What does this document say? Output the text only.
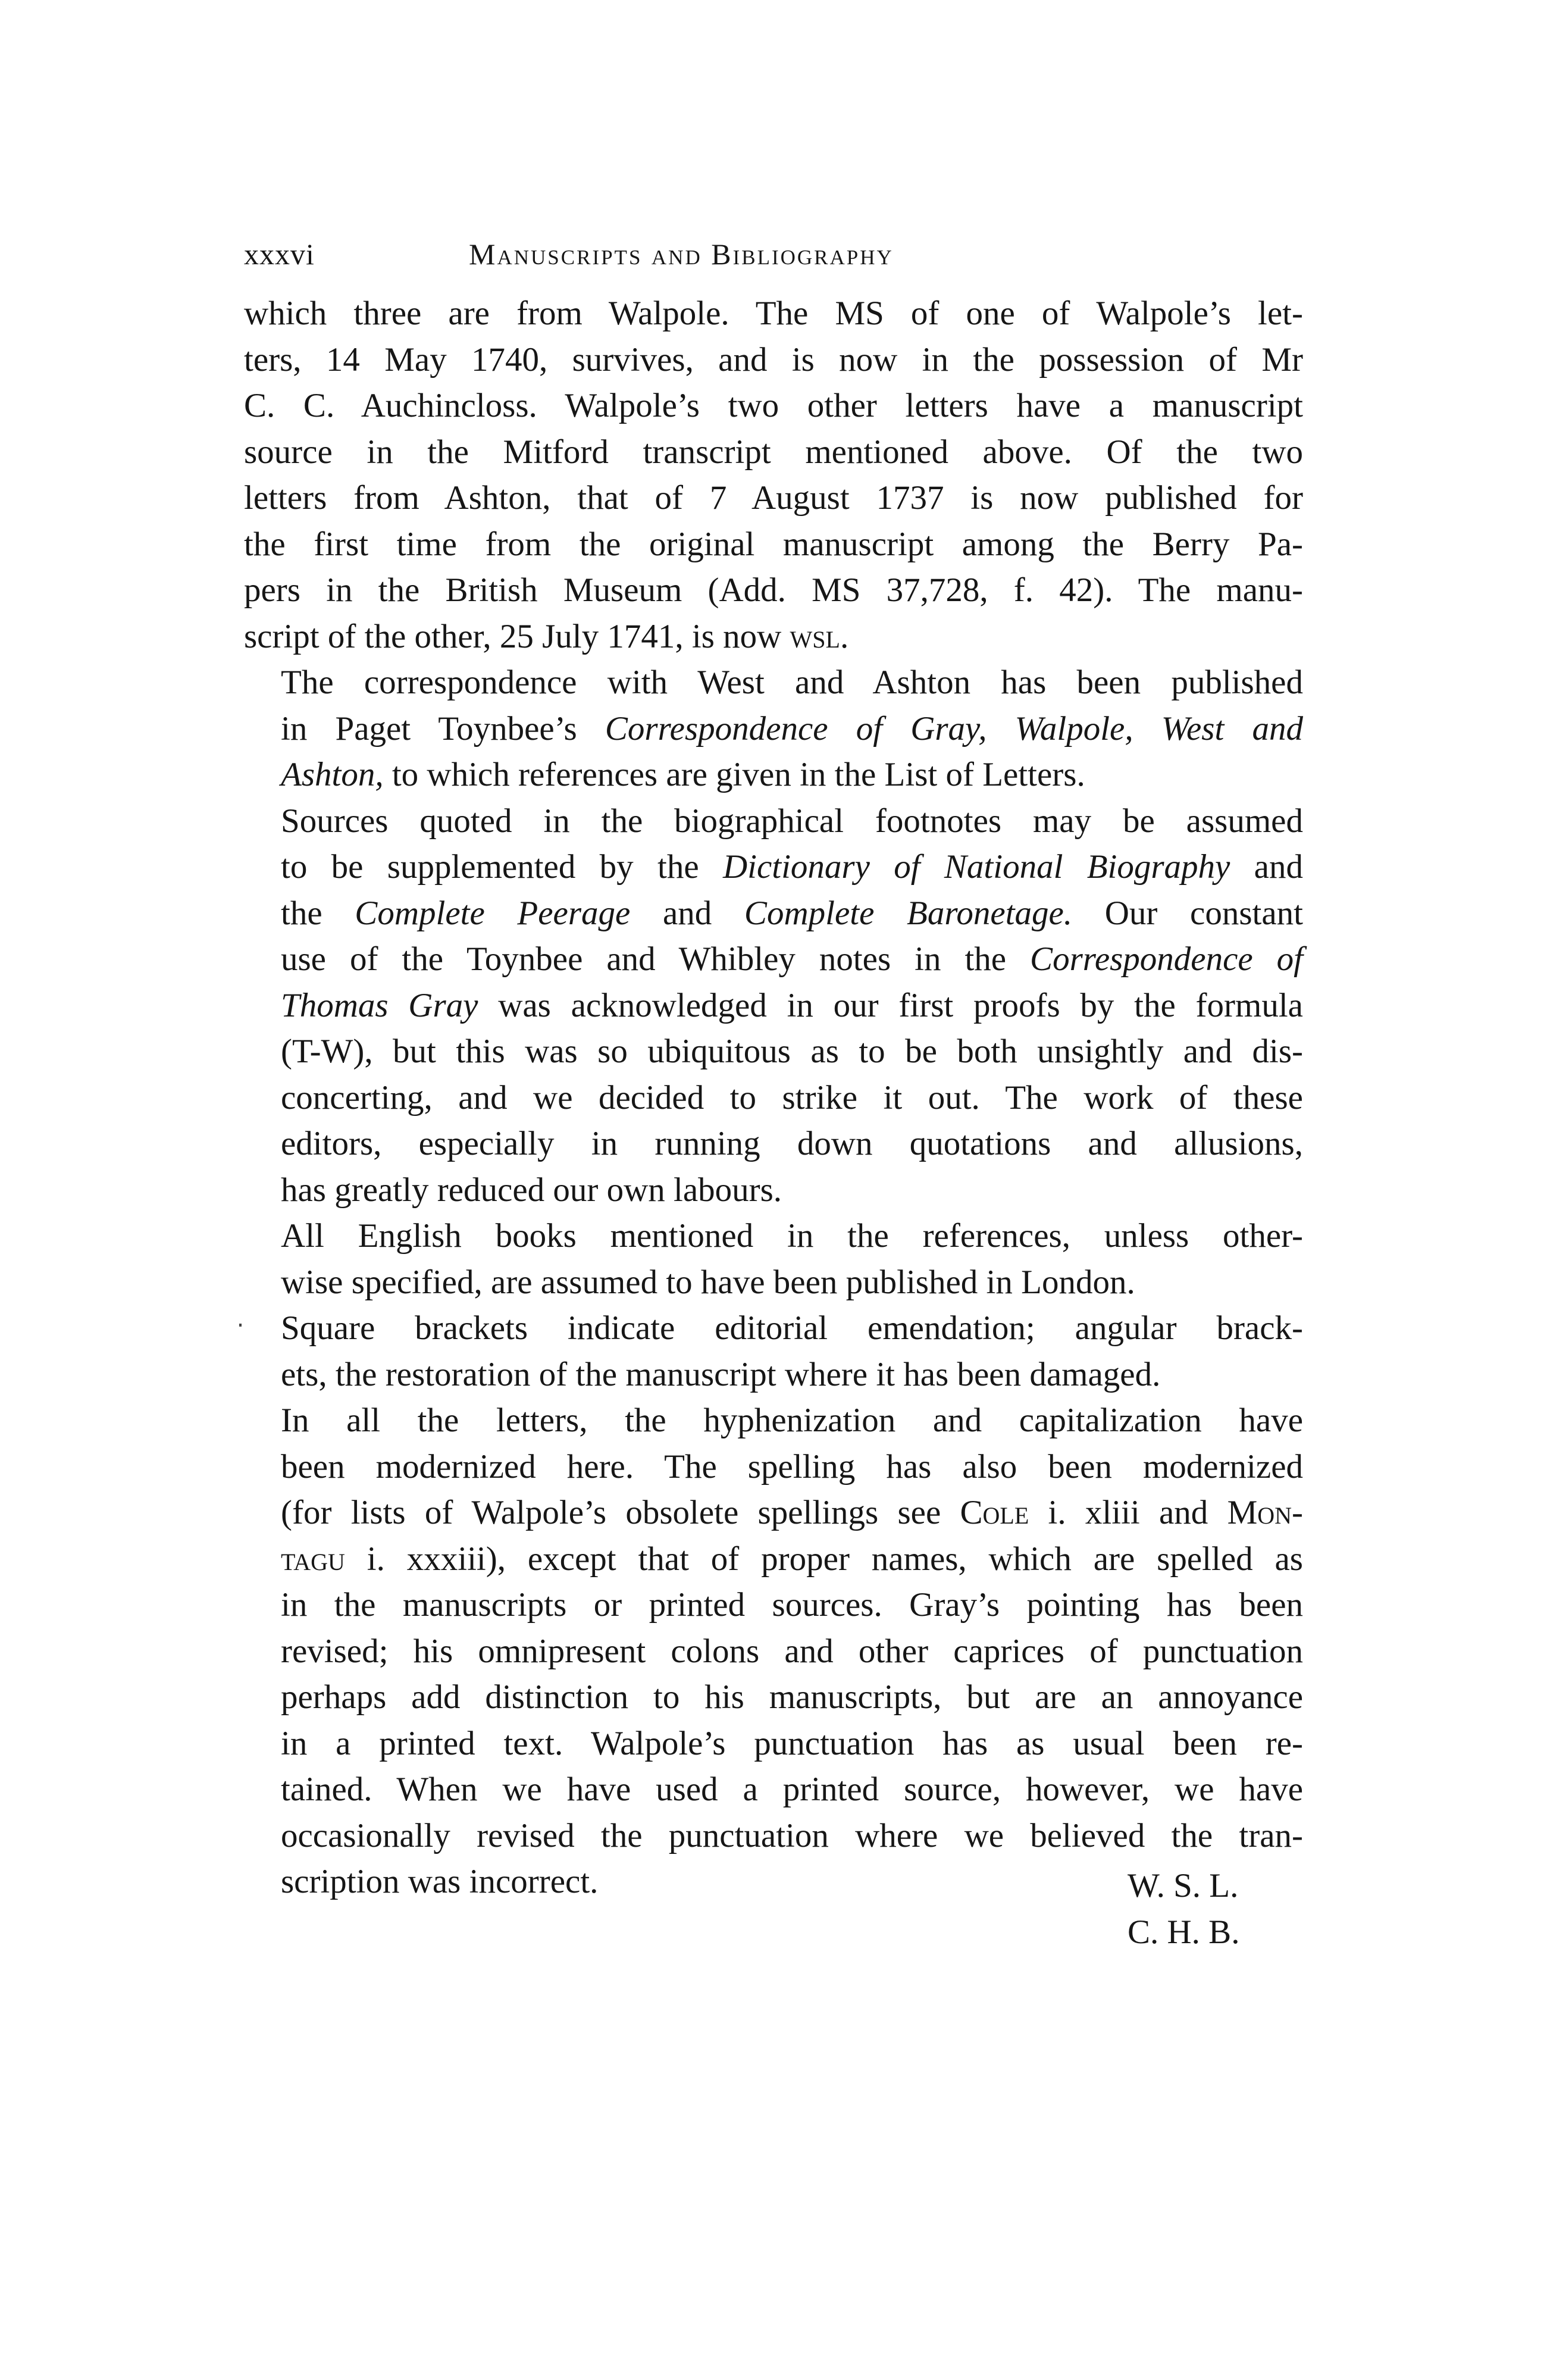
xxxvi	Manuscripts and Bibliography
which three are from Walpole. The MS of one of Walpole’s let-
ters, 14 May 1740, survives, and is now in the possession of Mr
C. C. Auchincloss. Walpole’s two other letters have a manuscript
source in the Mitford transcript mentioned above. Of the two
letters from Ashton, that of 7 August 1737 is now published for
the first time from the original manuscript among the Berry Pa-
pers in the British Museum (Add. MS 37,728, f. 42). The manu-
script of the other, 25 July 1741, is now wsl.
The correspondence with West and Ashton has been published
in Paget Toynbee’s Correspondence of Gray, Walpole, West and
Ashton, to which references are given in the List of Letters.
Sources quoted in the biographical footnotes may be assumed
to be supplemented by the Dictionary of National Biography and
the Complete Peerage and Complete Baronetage. Our constant
use of the Toynbee and Whibley notes in the Correspondence of
Thomas Gray was acknowledged in our first proofs by the formula
(T-W), but this was so ubiquitous as to be both unsightly and dis-
concerting, and we decided to strike it out. The work of these
editors, especially in running down quotations and allusions,
has greatly reduced our own labours.
All English books mentioned in the references, unless other-
wise specified, are assumed to have been published in London.
Square brackets indicate editorial emendation; angular brack-
ets, the restoration of the manuscript where it has been damaged.
In all the letters, the hyphenization and capitalization have
been modernized here. The spelling has also been modernized
(for lists of Walpole’s obsolete spellings see Cole i. xliii and Mon-
tagu i. xxxiii), except that of proper names, which are spelled as
in the manuscripts or printed sources. Gray’s pointing has been
revised; his omnipresent colons and other caprices of punctuation
perhaps add distinction to his manuscripts, but are an annoyance
in a printed text. Walpole’s punctuation has as usual been re-
tained. When we have used a printed source, however, we have
occasionally revised the punctuation where we believed the tran-
scription was incorrect.	W. S. L.
C. H. B.
